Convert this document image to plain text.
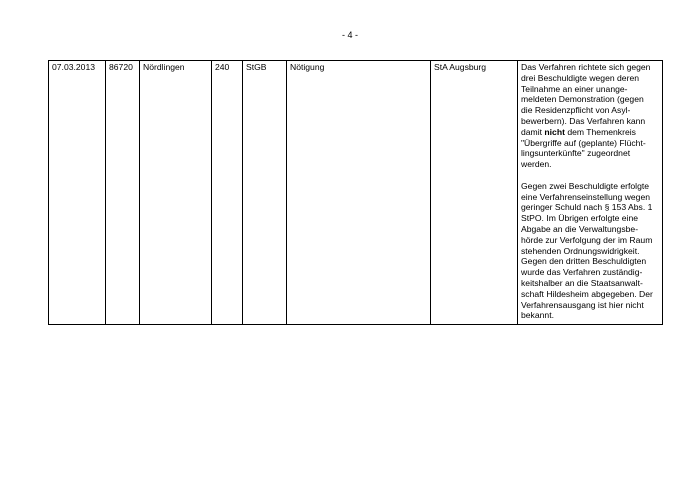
- 4 -
07.03.2013	86720	Nördlingen	240	StGB	Nötigung	StA Augsburg	Das Verfahren richtete sich gegen
drei Beschuldigte wegen deren
Teilnahme an einer unange-
meldeten Demonstration (gegen
die Residenzpflicht von Asyl-
bewerbern). Das Verfahren kann
damit nicht dem Themenkreis
"Übergriffe auf (geplante) Flücht-
lingsunterkünfte" zugeordnet
werden.

Gegen zwei Beschuldigte erfolgte
eine Verfahrenseinstellung wegen
geringer Schuld nach § 153 Abs. 1
StPO. Im Übrigen erfolgte eine
Abgabe an die Verwaltungsbe-
hörde zur Verfolgung der im Raum
stehenden Ordnungswidrigkeit.
Gegen den dritten Beschuldigten
wurde das Verfahren zuständig-
keitshalber an die Staatsanwalt-
schaft Hildesheim abgegeben. Der
Verfahrensausgang ist hier nicht
bekannt.
